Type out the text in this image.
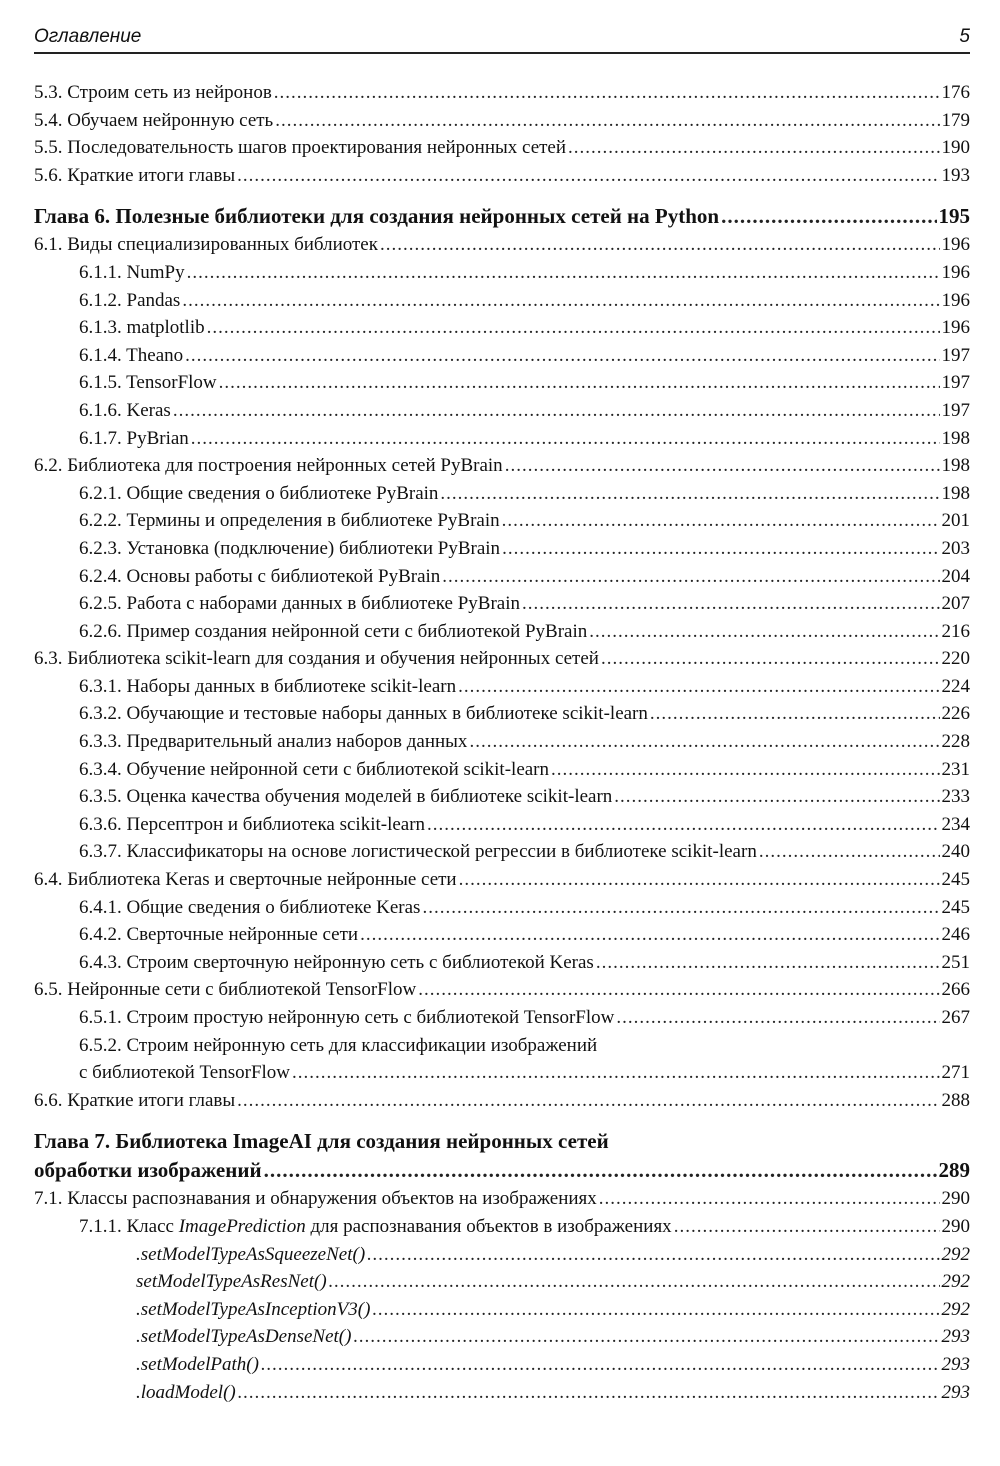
Оглавление	5
5.3. Строим сеть из нейронов .....	176
5.4. Обучаем нейронную сеть .....	179
5.5. Последовательность шагов проектирования нейронных сетей .....	190
5.6. Краткие итоги главы .....	193
Глава 6. Полезные библиотеки для создания нейронных сетей на Python .....	195
6.1. Виды специализированных библиотек .....	196
6.1.1. NumPy .....	196
6.1.2. Pandas .....	196
6.1.3. matplotlib .....	196
6.1.4. Theano .....	197
6.1.5. TensorFlow .....	197
6.1.6. Keras .....	197
6.1.7. PyBrian .....	198
6.2. Библиотека для построения нейронных сетей PyBrain .....	198
6.2.1. Общие сведения о библиотеке PyBrain .....	198
6.2.2. Термины и определения в библиотеке PyBrain .....	201
6.2.3. Установка (подключение) библиотеки PyBrain .....	203
6.2.4. Основы работы с библиотекой PyBrain .....	204
6.2.5. Работа с наборами данных в библиотеке PyBrain .....	207
6.2.6. Пример создания нейронной сети с библиотекой PyBrain .....	216
6.3. Библиотека scikit-learn для создания и обучения нейронных сетей .....	220
6.3.1. Наборы данных в библиотеке scikit-learn .....	224
6.3.2. Обучающие и тестовые наборы данных в библиотеке scikit-learn .....	226
6.3.3. Предварительный анализ наборов данных .....	228
6.3.4. Обучение нейронной сети с библиотекой scikit-learn .....	231
6.3.5. Оценка качества обучения моделей в библиотеке scikit-learn .....	233
6.3.6. Персептрон и библиотека scikit-learn .....	234
6.3.7. Классификаторы на основе логистической регрессии в библиотеке scikit-learn .....	240
6.4. Библиотека Keras и сверточные нейронные сети .....	245
6.4.1. Общие сведения о библиотеке Keras .....	245
6.4.2. Сверточные нейронные сети .....	246
6.4.3. Строим сверточную нейронную сеть с библиотекой Keras .....	251
6.5. Нейронные сети с библиотекой TensorFlow .....	266
6.5.1. Строим простую нейронную сеть с библиотекой TensorFlow .....	267
6.5.2. Строим нейронную сеть для классификации изображений
с библиотекой TensorFlow .....	271
6.6. Краткие итоги главы .....	288
Глава 7. Библиотека ImageAI для создания нейронных сетей
обработки изображений .....	289
7.1. Классы распознавания и обнаружения объектов на изображениях .....	290
7.1.1. Класс ImagePrediction для распознавания объектов в изображениях .....	290
.setModelTypeAsSqueezeNet() .....	292
setModelTypeAsResNet() .....	292
.setModelTypeAsInceptionV3() .....	292
.setModelTypeAsDenseNet() .....	293
.setModelPath() .....	293
.loadModel() .....	293
